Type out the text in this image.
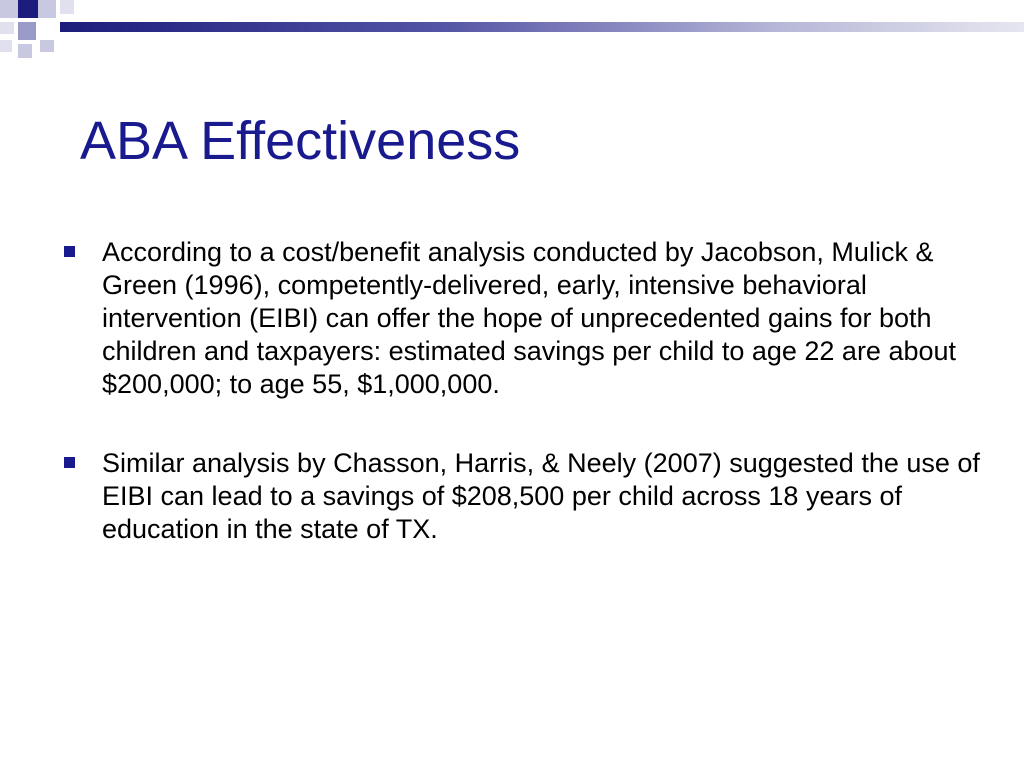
ABA Effectiveness
According to a cost/benefit analysis conducted by Jacobson, Mulick & Green (1996), competently-delivered, early, intensive behavioral intervention (EIBI) can offer the hope of unprecedented gains for both children and taxpayers: estimated savings per child to age 22 are about $200,000; to age 55, $1,000,000.
Similar analysis by Chasson, Harris, & Neely (2007) suggested the use of EIBI can lead to a savings of $208,500 per child across 18 years of education in the state of TX.
